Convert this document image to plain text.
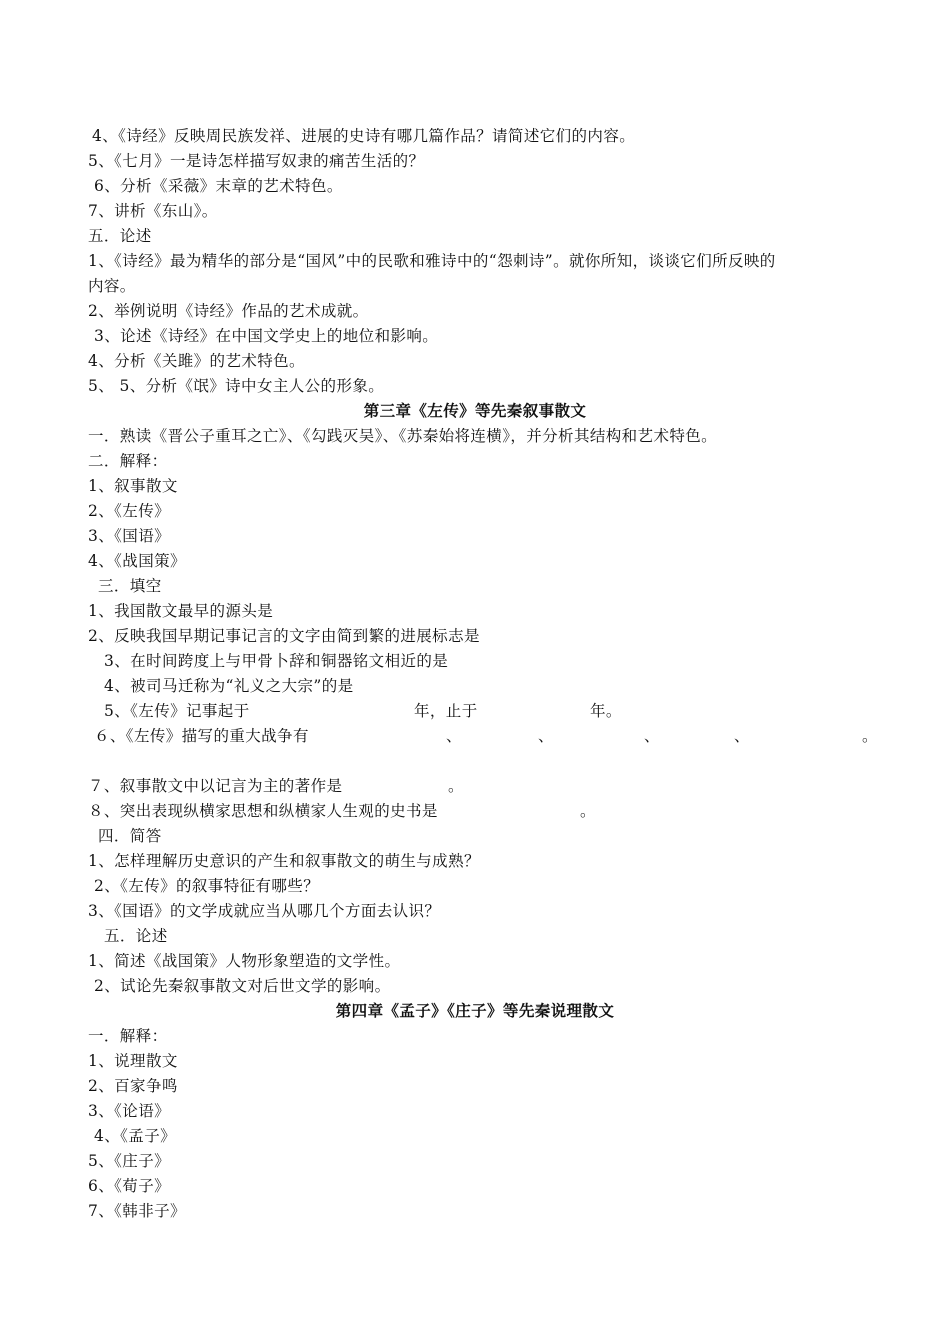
4、《诗经》反映周民族发祥、进展的史诗有哪几篇作品？请简述它们的内容。
5、《七月》一是诗怎样描写奴隶的痛苦生活的？
6、分析《采薇》末章的艺术特色。
7、讲析《东山》。
五．论述
1、《诗经》最为精华的部分是“国风”中的民歌和雅诗中的“怨刺诗”。就你所知，谈谈它们所反映的
内容。
2、举例说明《诗经》作品的艺术成就。
3、论述《诗经》在中国文学史上的地位和影响。
4、分析《关雎》的艺术特色。
5、 5、分析《氓》诗中女主人公的形象。
第三章《左传》等先秦叙事散文
一．熟读《晋公子重耳之亡》、《勾践灭吴》、《苏秦始将连横》，并分析其结构和艺术特色。
二．解释：
1、叙事散文
2、《左传》
3、《国语》
4、《战国策》
三．填空
1、我国散文最早的源头是
2、反映我国早期记事记言的文字由简到繁的进展标志是
3、在时间跨度上与甲骨卜辞和铜器铭文相近的是
4、被司马迁称为“礼义之大宗”的是
5、《左传》记事起于	年，止于	年。
６、《左传》描写的重大战争有	、	、	、	、	。
７、叙事散文中以记言为主的著作是	。
８、突出表现纵横家思想和纵横家人生观的史书是	。
四．简答
1、怎样理解历史意识的产生和叙事散文的萌生与成熟？
2、《左传》的叙事特征有哪些？
3、《国语》的文学成就应当从哪几个方面去认识？
五．论述
1、简述《战国策》人物形象塑造的文学性。
2、试论先秦叙事散文对后世文学的影响。
第四章《孟子》《庄子》等先秦说理散文
一．解释：
1、说理散文
2、百家争鸣
3、《论语》
4、《孟子》
5、《庄子》
6、《荀子》
7、《韩非子》
